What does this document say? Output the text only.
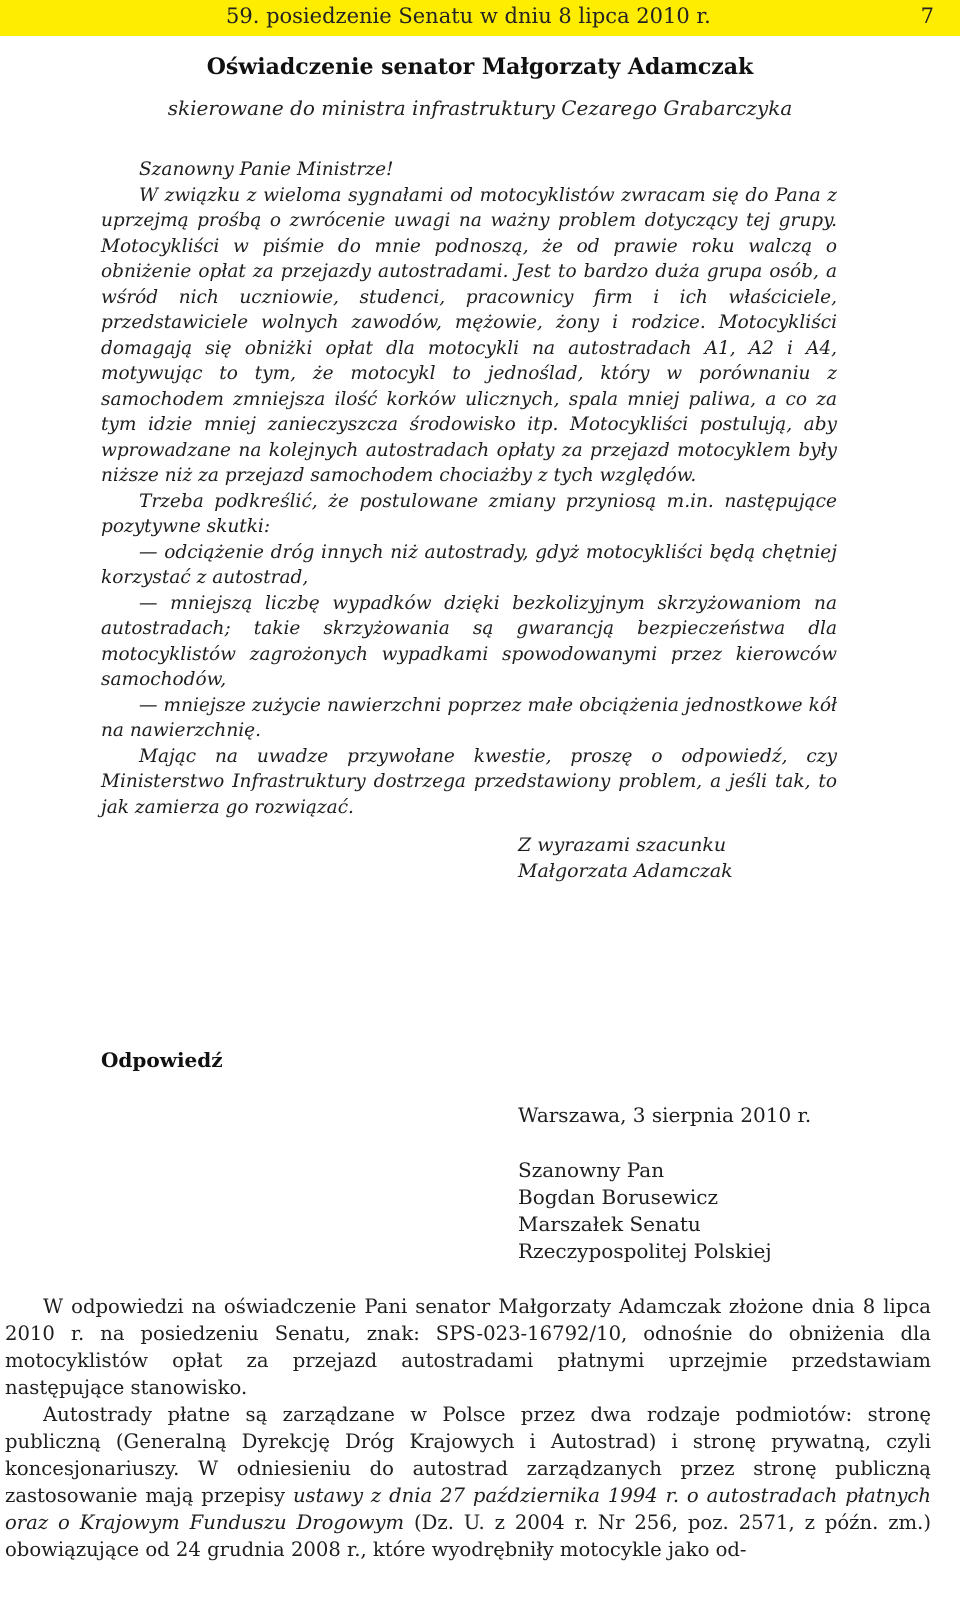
59. posiedzenie Senatu w dniu 8 lipca 2010 r.	7
Oświadczenie senator Małgorzaty Adamczak
skierowane do ministra infrastruktury Cezarego Grabarczyka

Szanowny Panie Ministrze!

W związku z wieloma sygnałami od motocyklistów zwracam się do Pana z uprzejmą prośbą o zwrócenie uwagi na ważny problem dotyczący tej grupy. Motocykliści w piśmie do mnie podnoszą, że od prawie roku walczą o obniżenie opłat za przejazdy autostradami. Jest to bardzo duża grupa osób, a wśród nich uczniowie, studenci, pracownicy firm i ich właściciele, przedstawiciele wolnych zawodów, mężowie, żony i rodzice. Motocykliści domagają się obniżki opłat dla motocykli na autostradach A1, A2 i A4, motywując to tym, że motocykl to jednoślad, który w porównaniu z samochodem zmniejsza ilość korków ulicznych, spala mniej paliwa, a co za tym idzie mniej zanieczyszcza środowisko itp. Motocykliści postulują, aby wprowadzane na kolejnych autostradach opłaty za przejazd motocyklem były niższe niż za przejazd samochodem chociażby z tych względów.

Trzeba podkreślić, że postulowane zmiany przyniosą m.in. następujące pozytywne skutki:

— odciążenie dróg innych niż autostrady, gdyż motocykliści będą chętniej korzystać z autostrad,

— mniejszą liczbę wypadków dzięki bezkolizyjnym skrzyżowaniom na autostradach; takie skrzyżowania są gwarancją bezpieczeństwa dla motocyklistów zagrożonych wypadkami spowodowanymi przez kierowców samochodów,

— mniejsze zużycie nawierzchni poprzez małe obciążenia jednostkowe kół na nawierzchnię.

Mając na uwadze przywołane kwestie, proszę o odpowiedź, czy Ministerstwo Infrastruktury dostrzega przedstawiony problem, a jeśli tak, to jak zamierza go rozwiązać.

Z wyrazami szacunku
Małgorzata Adamczak
Odpowiedź
Warszawa, 3 sierpnia 2010 r.
Szanowny Pan
Bogdan Borusewicz
Marszałek Senatu
Rzeczypospolitej Polskiej

W odpowiedzi na oświadczenie Pani senator Małgorzaty Adamczak złożone dnia 8 lipca 2010 r. na posiedzeniu Senatu, znak: SPS-023-16792/10, odnośnie do obniżenia dla motocyklistów opłat za przejazd autostradami płatnymi uprzejmie przedstawiam następujące stanowisko.

Autostrady płatne są zarządzane w Polsce przez dwa rodzaje podmiotów: stronę publiczną (Generalną Dyrekcję Dróg Krajowych i Autostrad) i stronę prywatną, czyli koncesjonariuszy. W odniesieniu do autostrad zarządzanych przez stronę publiczną zastosowanie mają przepisy ustawy z dnia 27 października 1994 r. o autostradach płatnych oraz o Krajowym Funduszu Drogowym (Dz. U. z 2004 r. Nr 256, poz. 2571, z późn. zm.) obowiązujące od 24 grudnia 2008 r., które wyodrębniły motocykle jako od-
